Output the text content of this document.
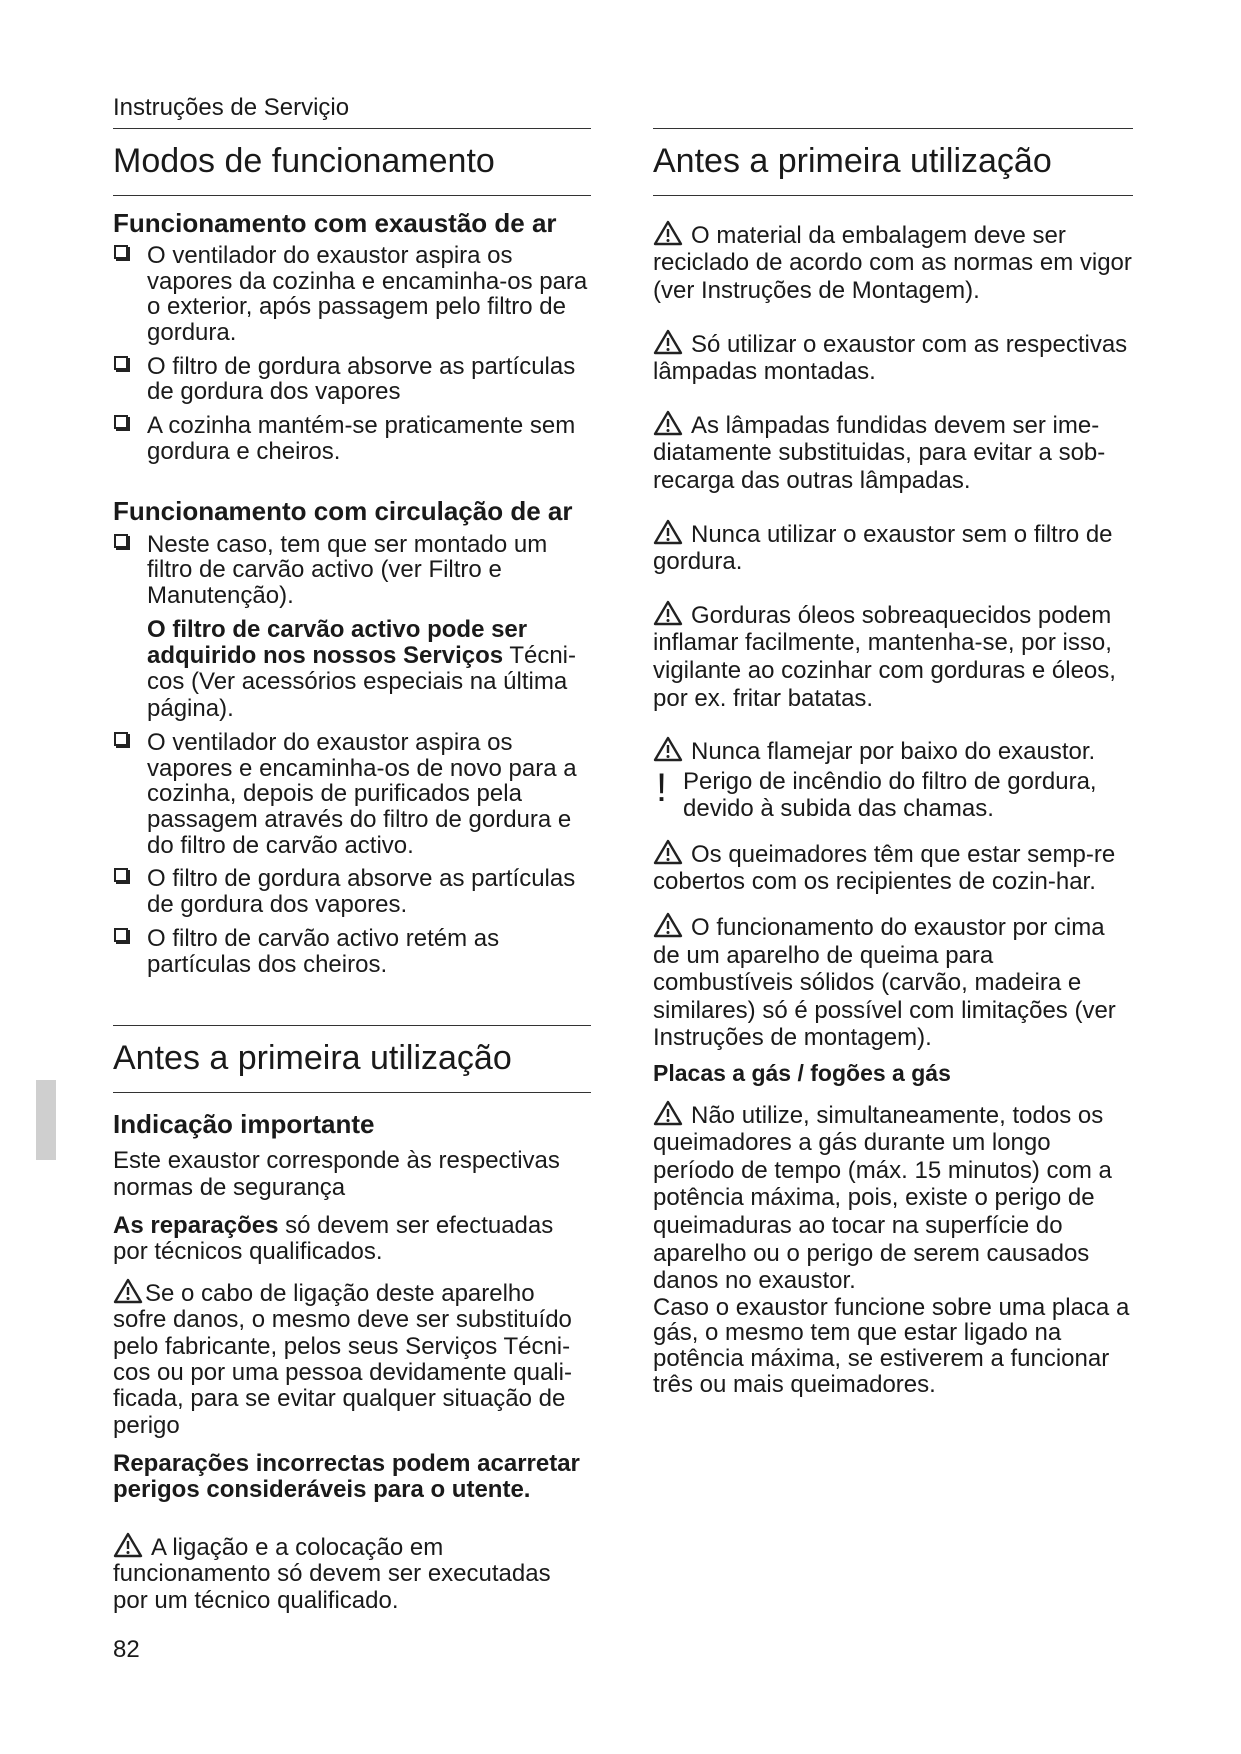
Instruções de Serviçio
Modos de funcionamento
Funcionamento com exaustão de ar
O ventilador do exaustor aspira os vapores da cozinha e encaminha-os para o exterior, após passagem pelo filtro de gordura.
O filtro de gordura absorve as partículas de gordura dos vapores
A cozinha mantém-se praticamente sem gordura e cheiros.
Funcionamento com circulação de ar
Neste caso, tem que ser montado um filtro de carvão activo (ver Filtro e Manutenção).
O filtro de carvão activo pode ser adquirido nos nossos Serviços Técni-cos (Ver acessórios especiais na última página).
O ventilador do exaustor aspira os vapores e encaminha-os de novo para a cozinha, depois de purificados pela passagem através do filtro de gordura e do filtro de carvão activo.
O filtro de gordura absorve as partículas de gordura dos vapores.
O filtro de carvão activo retém as partículas dos cheiros.
Antes a primeira utilização
Indicação importante

Este exaustor corresponde às respectivas normas de segurança

As reparações só devem ser efectuadas por técnicos qualificados.

Se o cabo de ligação deste aparelho sofre danos, o mesmo deve ser substituído pelo fabricante, pelos seus Serviços Técni-cos ou por uma pessoa devidamente quali-ficada, para se evitar qualquer situação de perigo

Reparações incorrectas podem acarretar perigos consideráveis para o utente.

A ligação e a colocação em funcionamento só devem ser executadas por um técnico qualificado.

82
Antes a primeira utilização
O material da embalagem deve ser reciclado de acordo com as normas em vigor (ver Instruções de Montagem).
Só utilizar o exaustor com as respectivas lâmpadas montadas.
As lâmpadas fundidas devem ser ime-diatamente substituidas, para evitar a sob-recarga das outras lâmpadas.
Nunca utilizar o exaustor sem o filtro de gordura.
Gorduras óleos sobreaquecidos podem inflamar facilmente, mantenha-se, por isso, vigilante ao cozinhar com gorduras e óleos, por ex. fritar batatas.
Nunca flamejar por baixo do exaustor.
! Perigo de incêndio do filtro de gordura, devido à subida das chamas.
Os queimadores têm que estar semp-re cobertos com os recipientes de cozin-har.
O funcionamento do exaustor por cima de um aparelho de queima para combustíveis sólidos (carvão, madeira e similares) só é possível com limitações (ver Instruções de montagem).
Placas a gás / fogões a gás
Não utilize, simultaneamente, todos os queimadores a gás durante um longo período de tempo (máx. 15 minutos) com a potência máxima, pois, existe o perigo de queimaduras ao tocar na superfície do aparelho ou o perigo de serem causados danos no exaustor.
Caso o exaustor funcione sobre uma placa a gás, o mesmo tem que estar ligado na potência máxima, se estiverem a funcionar três ou mais queimadores.
